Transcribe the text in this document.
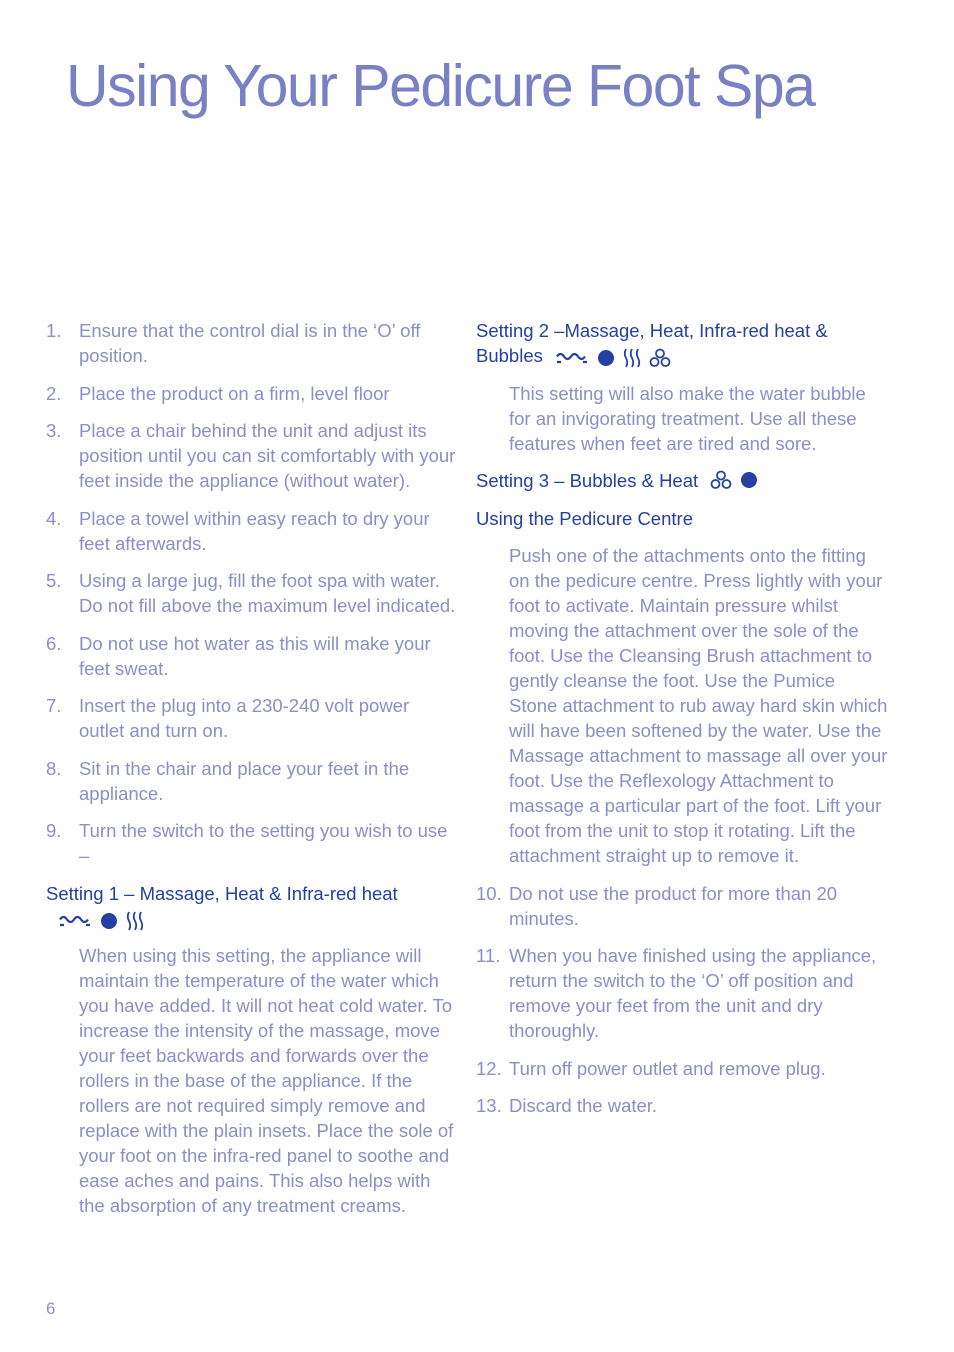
Using Your Pedicure Foot Spa
1. Ensure that the control dial is in the ‘O’ off position.
2. Place the product on a firm, level floor
3. Place a chair behind the unit and adjust its position until you can sit comfortably with your feet inside the appliance (without water).
4. Place a towel within easy reach to dry your feet afterwards.
5. Using a large jug, fill the foot spa with water. Do not fill above the maximum level indicated.
6. Do not use hot water as this will make your feet sweat.
7. Insert the plug into a 230-240 volt power outlet and turn on.
8. Sit in the chair and place your feet in the appliance.
9. Turn the switch to the setting you wish to use –

Setting 1 – Massage, Heat & Infra-red heat

When using this setting, the appliance will maintain the temperature of the water which you have added. It will not heat cold water. To increase the intensity of the massage, move your feet backwards and forwards over the rollers in the base of the appliance. If the rollers are not required simply remove and replace with the plain insets. Place the sole of your foot on the infra-red panel to soothe and ease aches and pains. This also helps with the absorption of any treatment creams.

Setting 2 –Massage, Heat, Infra-red heat & Bubbles

This setting will also make the water bubble for an invigorating treatment. Use all these features when feet are tired and sore.

Setting 3 – Bubbles & Heat

Using the Pedicure Centre

Push one of the attachments onto the fitting on the pedicure centre. Press lightly with your foot to activate. Maintain pressure whilst moving the attachment over the sole of the foot. Use the Cleansing Brush attachment to gently cleanse the foot. Use the Pumice Stone attachment to rub away hard skin which will have been softened by the water. Use the Massage attachment to massage all over your foot. Use the Reflexology Attachment to massage a particular part of the foot. Lift your foot from the unit to stop it rotating. Lift the attachment straight up to remove it.

10. Do not use the product for more than 20 minutes.
11. When you have finished using the appliance, return the switch to the ‘O’ off position and remove your feet from the unit and dry thoroughly.
12. Turn off power outlet and remove plug.
13. Discard the water.
6
